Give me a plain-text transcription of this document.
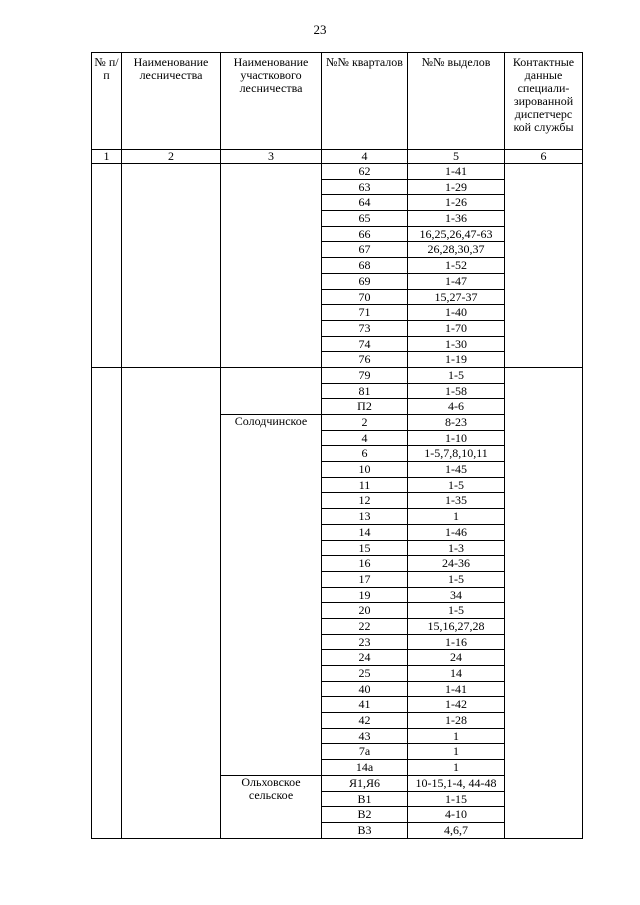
23
№ п/п	Наименование лесничества	Наименование участкового лесничества	№№ кварталов	№№ выделов	Контактные данные специали-зированной диспетчерс кой службы
1	2	3	4	5	6
			62	1-41	
			63	1-29	
			64	1-26	
			65	1-36	
			66	16,25,26,47-63	
			67	26,28,30,37	
			68	1-52	
			69	1-47	
			70	15,27-37	
			71	1-40	
			73	1-70	
			74	1-30	
			76	1-19	
			79	1-5	
			81	1-58	
			П2	4-6	
		Солодчинское	2	8-23	
			4	1-10	
			6	1-5,7,8,10,11	
			10	1-45	
			11	1-5	
			12	1-35	
			13	1	
			14	1-46	
			15	1-3	
			16	24-36	
			17	1-5	
			19	34	
			20	1-5	
			22	15,16,27,28	
			23	1-16	
			24	24	
			25	14	
			40	1-41	
			41	1-42	
			42	1-28	
			43	1	
			7а	1	
			14а	1	
		Ольховское сельское	Я1,Я6	10-15,1-4, 44-48	
			В1	1-15	
			В2	4-10	
			В3	4,6,7	
